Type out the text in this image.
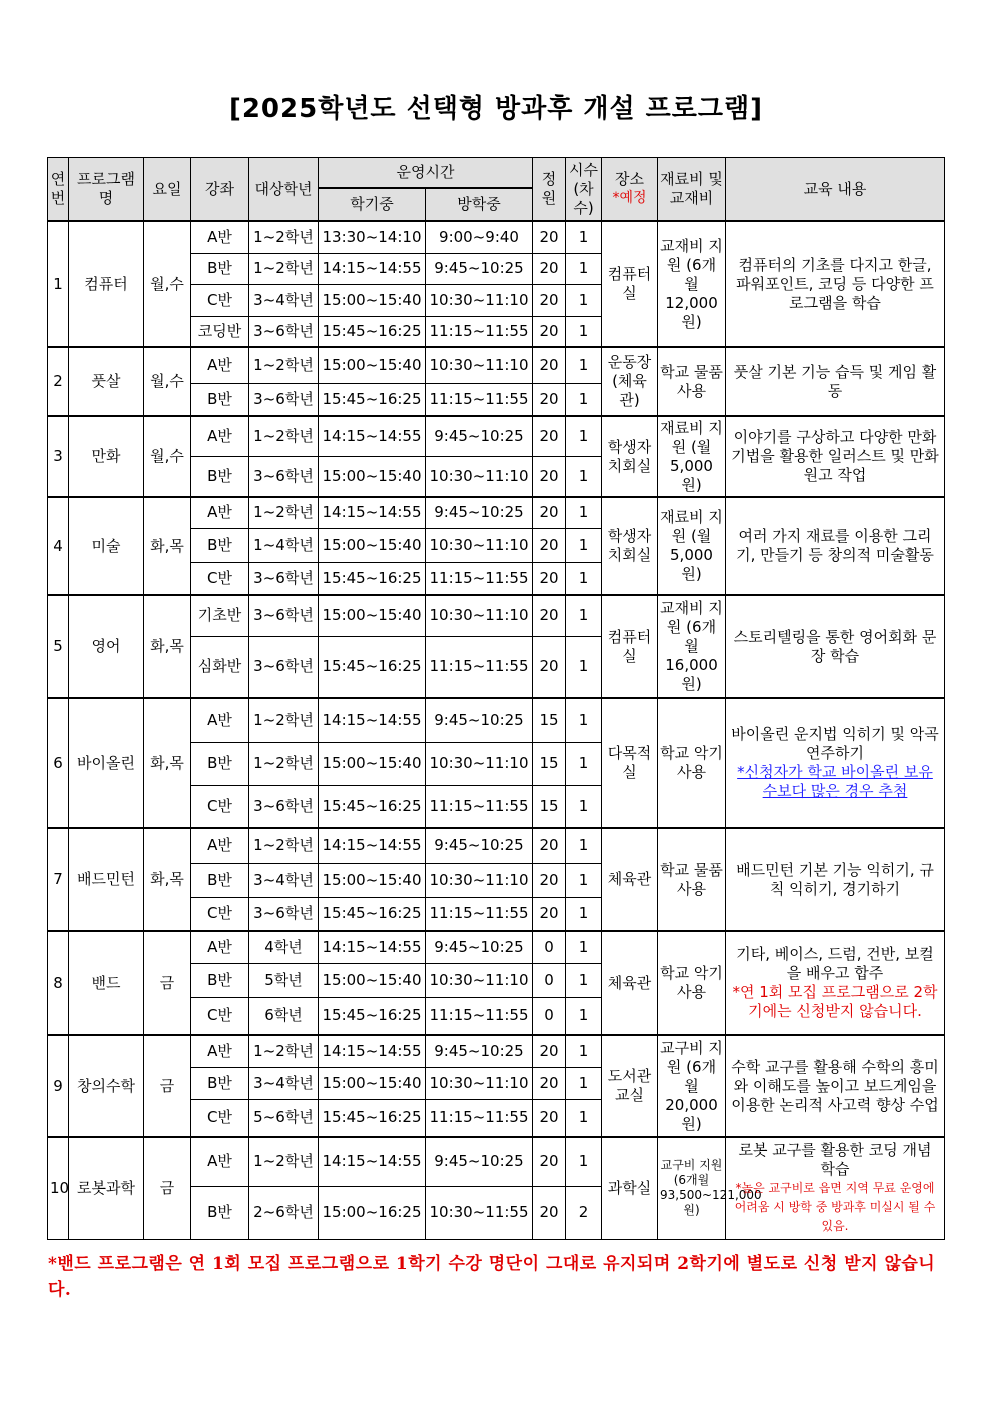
[2025학년도 선택형 방과후 개설 프로그램]
연번	프로그램명	요일	강좌	대상학년	운영시간		정원	시수(차수)	장소
*예정	재료비 및 교재비	교육 내용
					학기중	방학중					
1	컴퓨터	월,수	A반	1~2학년	13:30~14:10	9:00~9:40	20	1	컴퓨터실	교재비 지원 (6개월 12,000원)	컴퓨터의 기초를 다지고 한글, 파워포인트, 코딩 등 다양한 프로그램을 학습

			B반	1~2학년	14:15~14:55	9:45~10:25	20	1			
			C반	3~4학년	15:00~15:40	10:30~11:10	20	1			
			코딩반	3~6학년	15:45~16:25	11:15~11:55	20	1			
2	풋살	월,수	A반	1~2학년	15:00~15:40	10:30~11:10	20	1	운동장 (체육관)	학교 물품 사용	풋살 기본 기능 습득 및 게임 활동

			B반	3~6학년	15:45~16:25	11:15~11:55	20	1			
3	만화	월,수	A반	1~2학년	14:15~14:55	9:45~10:25	20	1	학생자치회실	재료비 지원 (월 5,000원)	이야기를 구상하고 다양한 만화기법을 활용한 일러스트 및 만화 원고 작업

			B반	3~6학년	15:00~15:40	10:30~11:10	20	1			
4	미술	화,목	A반	1~2학년	14:15~14:55	9:45~10:25	20	1	학생자치회실	재료비 지원 (월 5,000원)	여러 가지 재료를 이용한 그리기, 만들기 등 창의적 미술활동

			B반	1~4학년	15:00~15:40	10:30~11:10	20	1			
			C반	3~6학년	15:45~16:25	11:15~11:55	20	1			
5	영어	화,목	기초반	3~6학년	15:00~15:40	10:30~11:10	20	1	컴퓨터실	교재비 지원 (6개월 16,000원)	스토리텔링을 통한 영어회화 문장 학습

			심화반	3~6학년	15:45~16:25	11:15~11:55	20	1			
6	바이올린	화,목	A반	1~2학년	14:15~14:55	9:45~10:25	15	1	다목적실	학교 악기 사용	바이올린 운지법 익히기 및 악곡 연주하기
*신청자가 학교 바이올린 보유 수보다 많은 경우 추첨

			B반	1~2학년	15:00~15:40	10:30~11:10	15	1			
			C반	3~6학년	15:45~16:25	11:15~11:55	15	1			
7	배드민턴	화,목	A반	1~2학년	14:15~14:55	9:45~10:25	20	1	체육관	학교 물품 사용	배드민턴 기본 기능 익히기, 규칙 익히기, 경기하기

			B반	3~4학년	15:00~15:40	10:30~11:10	20	1			
			C반	3~6학년	15:45~16:25	11:15~11:55	20	1			
8	밴드	금	A반	4학년	14:15~14:55	9:45~10:25	0	1	체육관	학교 악기 사용	기타, 베이스, 드럼, 건반, 보컬을 배우고 합주
*연 1회 모집 프로그램으로 2학기에는 신청받지 않습니다.

			B반	5학년	15:00~15:40	10:30~11:10	0	1			
			C반	6학년	15:45~16:25	11:15~11:55	0	1			
9	창의수학	금	A반	1~2학년	14:15~14:55	9:45~10:25	20	1	도서관 교실	교구비 지원 (6개월 20,000원)	수학 교구를 활용해 수학의 흥미와 이해도를 높이고 보드게임을 이용한 논리적 사고력 향상 수업

			B반	3~4학년	15:00~15:40	10:30~11:10	20	1			
			C반	5~6학년	15:45~16:25	11:15~11:55	20	1			
10	로봇과학	금	A반	1~2학년	14:15~14:55	9:45~10:25	20	1	과학실	교구비 지원 (6개월 93,500~121,000원)	로봇 교구를 활용한 코딩 개념 학습
*높은 교구비로 읍면 지역 무료 운영에 어려움 시 방학 중 방과후 미실시 될 수 있음.

			B반	2~6학년	15:00~16:25	10:30~11:55	20	2			
*밴드 프로그램은 연 1회 모집 프로그램으로 1학기 수강 명단이 그대로 유지되며 2학기에 별도로 신청 받지 않습니다.
